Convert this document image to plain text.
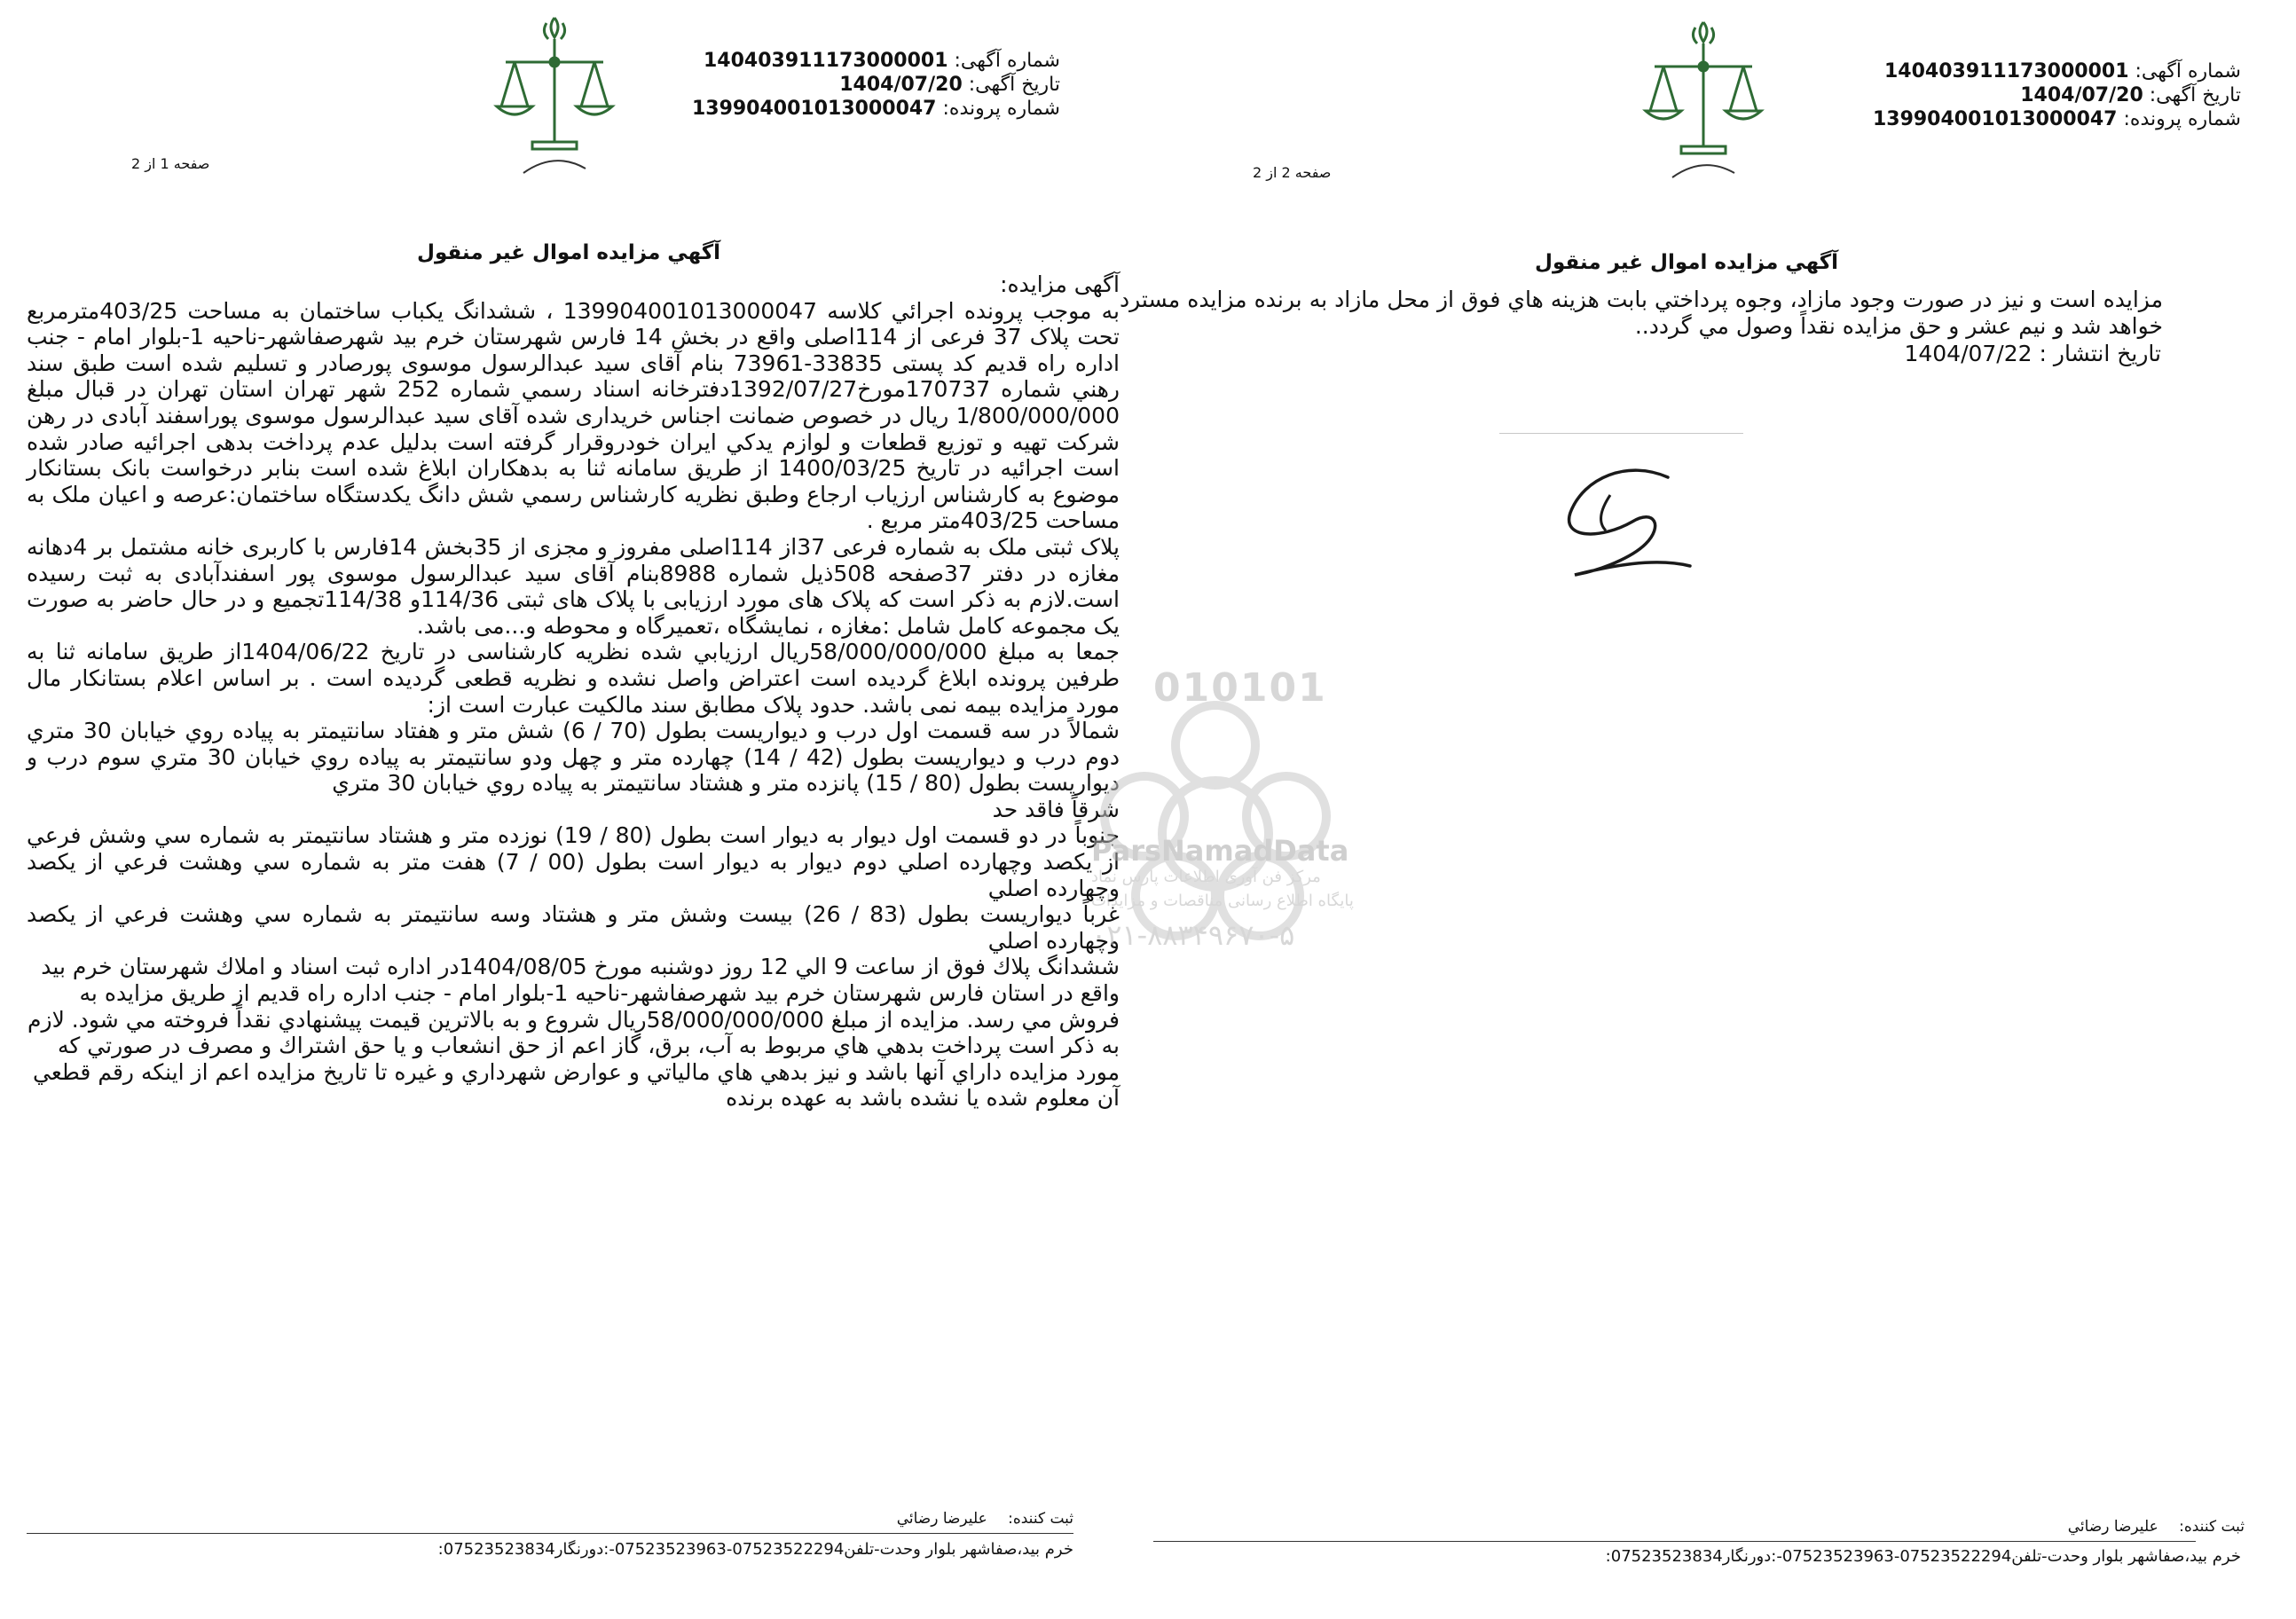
شماره آگهی: 140403911173000001
تاریخ آگهی: 1404/07/20
شماره پرونده: 139904001013000047
صفحه 1 از 2
آگهي مزايده اموال غير منقول

آگهی مزایده:

به موجب پرونده اجرائي كلاسه 139904001013000047 ، ششدانگ يكباب ساختمان به مساحت 403/25مترمربع تحت پلاک 37 فرعی از 114اصلی واقع در بخش 14 فارس شهرستان خرم بید شهرصفاشهر-ناحیه 1-بلوار امام - جنب اداره راه قدیم کد پستی 33835-73961 بنام آقای سید عبدالرسول موسوی پورصادر و تسلیم شده است طبق سند رهني شماره 170737مورخ1392/07/27دفترخانه اسناد رسمي شماره 252 شهر تهران استان تهران در قبال مبلغ 1/800/000/000 ريال در خصوص ضمانت اجناس خریداری شده آقای سید عبدالرسول موسوی پوراسفند آبادی در رهن شرکت تهيه و توزیع قطعات و لوازم يدكي ايران خودروقرار گرفته است بدلیل عدم پرداخت بدهی اجرائيه صادر شده است اجرائیه در تاریخ 1400/03/25 از طریق سامانه ثنا به بدهکاران ابلاغ شده است بنابر درخواست بانک بستانكار موضوع به كارشناس ارزياب ارجاع وطبق نظريه كارشناس رسمي شش دانگ يكدستگاه ساختمان:عرصه و اعیان ملک به مساحت 403/25متر مربع .

پلاک ثبتی ملک به شماره فرعی 37از 114اصلی مفروز و مجزی از 35بخش 14فارس با كاربری خانه مشتمل بر 4دهانه مغازه در دفتر 37صفحه 508ذیل شماره 8988بنام آقای سید عبدالرسول موسوی پور اسفندآبادی به ثبت رسیده است.لازم به ذكر است که پلاک های مورد ارزيابی با پلاک های ثبتی 114/36و 114/38تجمیع و در حال حاضر به صورت یک مجموعه کامل شامل :مغازه ، نمايشگاه ،تعمیرگاه و محوطه و...می باشد.

جمعا به مبلغ 58/000/000/000ریال ارزيابي شده نظريه كارشناسی در تاریخ 1404/06/22از طریق سامانه ثنا به طرفین پرونده ابلاغ گرديده است اعتراض واصل نشده و نظريه قطعی گرديده است . بر اساس اعلام بستانكار مال مورد مزايده بيمه نمی باشد. حدود پلاک مطابق سند مالکیت عبارت است از:

شمالاً در سه قسمت اول درب و دیواریست بطول (70 / 6) شش متر و هفتاد سانتيمتر به پياده روي خيابان 30 متري دوم درب و ديواريست بطول (42 / 14) چهارده متر و چهل ودو سانتيمتر به پياده روي خيابان 30 متري سوم درب و ديواريست بطول (80 / 15) پانزده متر و هشتاد سانتيمتر به پياده روي خيابان 30 متري

شرقاً فاقد حد

جنوباً در دو قسمت اول ديوار به ديوار است بطول (80 / 19) نوزده متر و هشتاد سانتيمتر به شماره سي وشش فرعي از يكصد وچهارده اصلي دوم ديوار به ديوار است بطول (00 / 7) هفت متر به شماره سي وهشت فرعي از يكصد وچهارده اصلي

غرباً ديواريست بطول (83 / 26) بيست وشش متر و هشتاد وسه سانتيمتر به شماره سي وهشت فرعي از يكصد وچهارده اصلي

ششدانگ پلاك فوق از ساعت 9 الي 12 روز دوشنبه مورخ 1404/08/05در اداره ثبت اسناد و املاك شهرستان خرم بيد واقع در استان فارس شهرستان خرم بيد شهرصفاشهر-ناحیه 1-بلوار امام - جنب اداره راه قدیم از طريق مزايده به فروش مي رسد. مزايده از مبلغ 58/000/000/000ريال شروع و به بالاترين قيمت پيشنهادي نقداً فروخته مي شود. لازم به ذكر است پرداخت بدهي هاي مربوط به آب، برق، گاز اعم از حق انشعاب و يا حق اشتراك و مصرف در صورتي كه مورد مزايده داراي آنها باشد و نيز بدهي هاي مالياتي و عوارض شهرداري و غيره تا تاريخ مزايده اعم از اينكه رقم قطعي آن معلوم شده يا نشده باشد به عهده برنده

ثبت كننده: علیرضا رضائي
خرم بید،صفاشهر بلوار وحدت-تلفن07523522294-07523523963-:دورنگار07523523834:
شماره آگهی: 140403911173000001
تاریخ آگهی: 1404/07/20
شماره پرونده: 139904001013000047
صفحه 2 از 2
آگهي مزايده اموال غير منقول

مزايده است و نيز در صورت وجود مازاد، وجوه پرداختي بابت هزينه هاي فوق از محل مازاد به برنده مزايده مسترد خواهد شد و نيم عشر و حق مزايده نقداً وصول مي گردد..

تاريخ انتشار : 1404/07/22
ثبت كننده: علیرضا رضائي
خرم بید،صفاشهر بلوار وحدت-تلفن07523522294-07523523963-:دورنگار07523523834:
010101
ParsNamadData
مرکز فن آوری اطلاعات پارس نماد
پایگاه اطلاع رسانی مناقصات و مزایدات
۰۲۱-۸۸۳۴۹۶۷۰-۵
